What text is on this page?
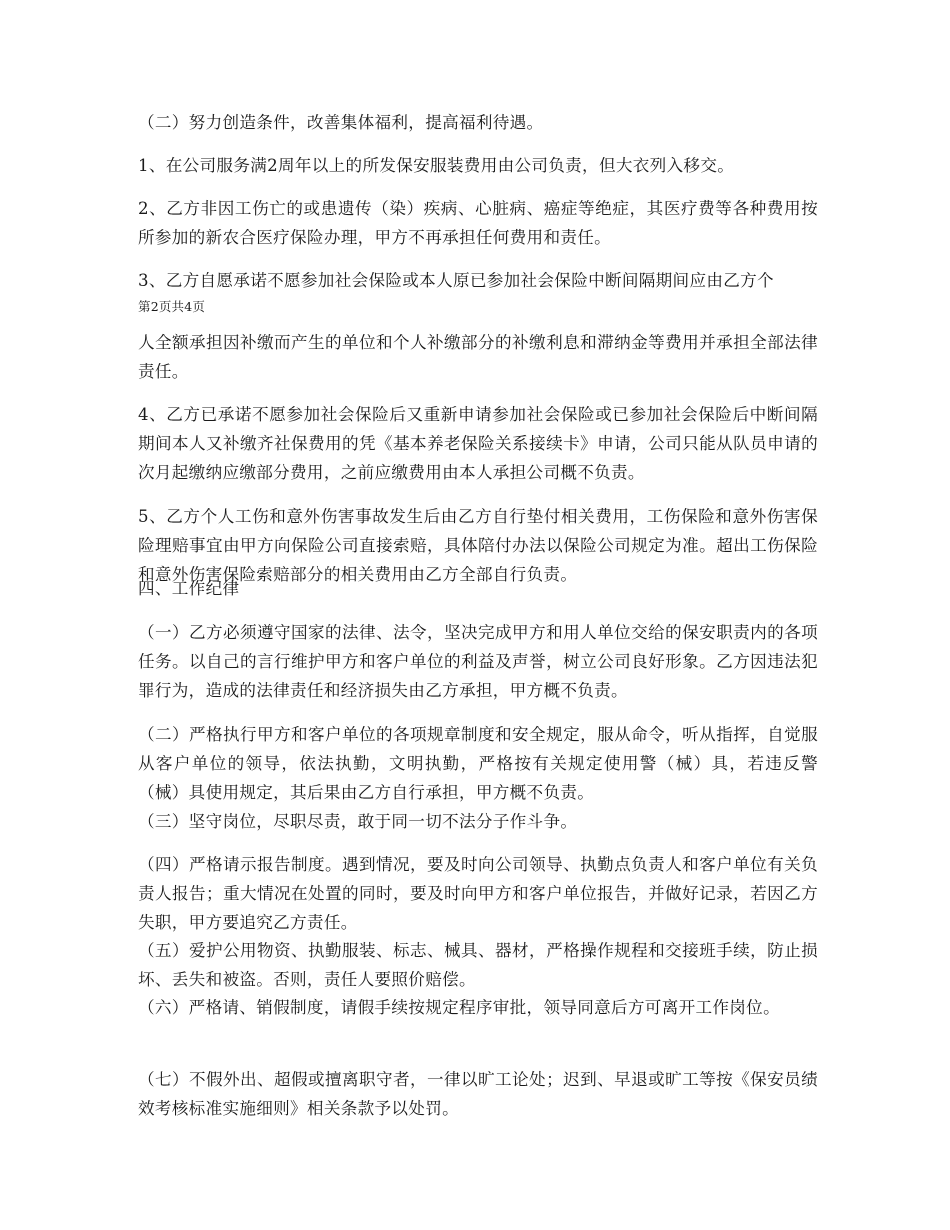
（二）努力创造条件，改善集体福利，提高福利待遇。

1、在公司服务满2周年以上的所发保安服装费用由公司负责，但大衣列入移交。

2、乙方非因工伤亡的或患遗传（染）疾病、心脏病、癌症等绝症，其医疗费等各种费用按所参加的新农合医疗保险办理，甲方不再承担任何费用和责任。

3、乙方自愿承诺不愿参加社会保险或本人原已参加社会保险中断间隔期间应由乙方个

第2页共4页

人全额承担因补缴而产生的单位和个人补缴部分的补缴利息和滞纳金等费用并承担全部法律责任。

4、乙方已承诺不愿参加社会保险后又重新申请参加社会保险或已参加社会保险后中断间隔期间本人又补缴齐社保费用的凭《基本养老保险关系接续卡》申请，公司只能从队员申请的次月起缴纳应缴部分费用，之前应缴费用由本人承担公司概不负责。

5、乙方个人工伤和意外伤害事故发生后由乙方自行垫付相关费用，工伤保险和意外伤害保险理赔事宜由甲方向保险公司直接索赔，具体陪付办法以保险公司规定为准。超出工伤保险和意外伤害保险索赔部分的相关费用由乙方全部自行负责。

四、工作纪律

（一）乙方必须遵守国家的法律、法令，坚决完成甲方和用人单位交给的保安职责内的各项任务。以自己的言行维护甲方和客户单位的利益及声誉，树立公司良好形象。乙方因违法犯罪行为，造成的法律责任和经济损失由乙方承担，甲方概不负责。

（二）严格执行甲方和客户单位的各项规章制度和安全规定，服从命令，听从指挥，自觉服从客户单位的领导，依法执勤，文明执勤，严格按有关规定使用警（械）具，若违反警（械）具使用规定，其后果由乙方自行承担，甲方概不负责。

（三）坚守岗位，尽职尽责，敢于同一切不法分子作斗争。

（四）严格请示报告制度。遇到情况，要及时向公司领导、执勤点负责人和客户单位有关负责人报告；重大情况在处置的同时，要及时向甲方和客户单位报告，并做好记录，若因乙方失职，甲方要追究乙方责任。

（五）爱护公用物资、执勤服装、标志、械具、器材，严格操作规程和交接班手续，防止损坏、丢失和被盗。否则，责任人要照价赔偿。

（六）严格请、销假制度，请假手续按规定程序审批，领导同意后方可离开工作岗位。

（七）不假外出、超假或擅离职守者，一律以旷工论处；迟到、早退或旷工等按《保安员绩效考核标准实施细则》相关条款予以处罚。
